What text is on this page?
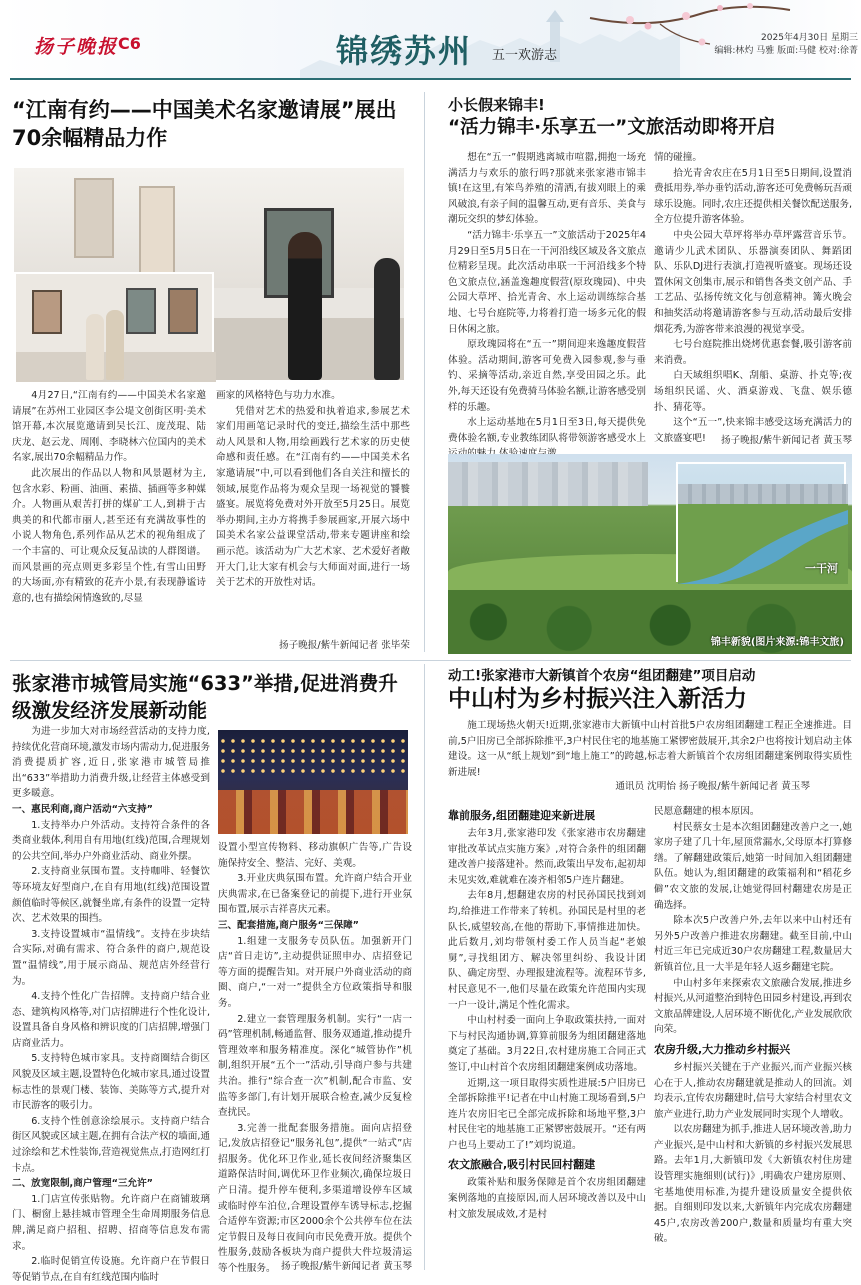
扬子晚报 C6	锦绣苏州 五一欢游志
2025年4月30日 星期三
编辑:林灼 马雅 版面:马健 校对:徐菁
“江南有约——中国美术名家邀请展”展出70余幅精品力作

4月27日,“江南有约——中国美术名家邀请展”在苏州工业园区李公堤文创街区明·美术馆开幕,本次展览邀请到吴长江、庞茂琨、陆庆龙、赵云龙、周刚、李晓林六位国内的美术名家,展出70余幅精品力作。

此次展出的作品以人物和风景题材为主,包含水彩、粉画、油画、素描、插画等多种媒介。人物画从艰苦打拼的煤矿工人,到耕于古典美的和代都市丽人,甚至还有充满故事性的小说人物角色,系列作品从艺术的视角组成了一个丰富的、可让观众反复品读的人群图谱。而风景画的亮点则更多彩呈个性,有雪山田野的大场面,亦有精致的花卉小景,有表现静谧诗意的,也有描绘闲情逸致的,尽显

画家的风格特色与功力水准。

凭借对艺术的热爱和执着追求,参展艺术家们用画笔记录时代的变迁,描绘生活中那些动人风景和人物,用绘画践行艺术家的历史使命感和责任感。在“江南有约——中国美术名家邀请展”中,可以看到他们各自关注和擅长的领域,展览作品将为观众呈现一场视觉的饕餮盛宴。展览将免费对外开放至5月25日。展览举办期间,主办方将携手参展画家,开展六场中国美术名家公益课堂活动,带来专题讲座和绘画示范。该活动为广大艺术家、艺术爱好者敞开大门,让大家有机会与大师面对面,进行一场关于艺术的开放性对话。

扬子晚报/紫牛新闻记者 张毕荣
小长假来锦丰!
“活力锦丰·乐享五一”文旅活动即将开启

想在“五一”假期逃离城市喧嚣,拥抱一场充满活力与欢乐的旅行吗?那就来张家港市锦丰镇!在这里,有笨鸟养殖的清洒,有拔刈眼上的乘风破浪,有亲子间的温馨互动,更有音乐、美食与潮玩交织的梦幻体验。

“活力锦丰·乐享五一”文旅活动于2025年4月29日至5月5日在一干河沿线区域及各文旅点位精彩呈现。此次活动串联一干河沿线多个特色文旅点位,涵盖逸趣度假营(原玫瑰园)、中央公园大草坪、拾光青舍、水上运动训练综合基地、七号台庭院等,力将着打造一场多元化的假日休闲之旅。

原玫瑰园将在“五一”期间迎来逸趣度假营体验。活动期间,游客可免费入园参观,参与垂钓、采摘等活动,亲近自然,享受田园之乐。此外,每天还设有免费骑马体验名额,让游客感受别样的乐趣。

水上运动基地在5月1日至3日,每天提供免费体验名额,专业教练团队将带领游客感受水上

情的碰撞。

拾光青舍农庄在5月1日至5日期间,设置消费抵用券,举办垂钓活动,游客还可免费畅玩吾顽球乐设施。同时,农庄还提供相关餐饮配送服务,全方位提升游客体验。

中央公园大草坪将举办草坪露营音乐节。邀请少儿武术团队、乐器演奏团队、舞蹈团队、乐队DJ进行表演,打造视听盛宴。现场还设置休闲文创集市,展示和销售各类文创产品、手工艺品、弘扬传统文化与创意精神。篝火晚会和抽奖活动将邀请游客参与互动,活动最后安排烟花秀,为游客带来浪漫的视觉享受。

七号台庭院推出烧烤优惠套餐,吸引游客前来消费。

白天域组织唱K、刮船、桌游、扑克等;夜场组织民谣、火、酒桌游戏、飞盘、娱乐德扑、猜花等。

这个“五一”,快来锦丰感受这场充满活力的文旅盛宴吧!	扬子晚报/紫牛新闻记者 黄玉琴
锦丰新貌(图片来源:锦丰文旅)
一干河
张家港市城管局实施“633”举措,促进消费升级激发经济发展新动能

为进一步加大对市场经营活动的支持力度,持续优化营商环境,激发市场内需动力,促进服务消费提质扩容,近日,张家港市城管局推出“633”举措助力消费升级,让经营主体感受到更多暖意。

一、惠民利商,商户活动“六支持”

1.支持举办户外活动。支持符合条件的各类商业载体,利用自有用地(红线)范围,合理规划的公共空间,举办户外商业活动、商业外摆。

2.支持商业氛围布置。支持咖啡、轻餐饮等环境友好型商户,在自有用地(红线)范围设置颜值临时等候区,就餐坐席,有条件的设置一定特次、艺术效果的围挡。

3.支持设置城市“温情线”。支持在步块结合实际,对确有需求、符合条件的商户,规范设置“温情线”,用于展示商品、规范店外经营行为。

4.支持个性化广告招牌。支持商户结合业态、建筑构风格等,对门店招牌进行个性化设计,设置具备自身风格和辨识度的门店招牌,增强门店商业活力。

5.支持特色城市家具。支持商圈结合街区风貌及区域主题,设置特色化城市家具,通过设置标志性的景观门楼、装饰、美陈等方式,提升对市民游客的吸引力。

6.支持个性创意涂绘展示。支持商户结合街区风貌或区域主题,在拥有合法产权的墙面,通过涂绘和艺术性装饰,营造视觉焦点,打造网红打卡点。

二、放宽限制,商户管理“三允许”

1.门店宣传张贴物。允许商户在商铺玻璃门、橱窗上悬挂城市管理全生命周期服务信息牌,满足商户招租、招聘、招商等信息发布需求。

2.临时促销宣传设施。允许商户在节假日等促销节点,在自有红线范围内临时

设置小型宣传物料、移动旗帜广告等,广告设施保持安全、整洁、完好、美观。

3.开业庆典氛围布置。允许商户结合开业庆典需求,在已备案登记的前提下,进行开业氛围布置,展示吉祥喜庆元素。

三、配套措施,商户服务“三保障”

1.组建一支服务专员队伍。加强新开门店“首日走访”,主动提供证照申办、店招登记等方面的提醒告知。对开展户外商业活动的商圈、商户,“一对一”提供全方位政策指导和服务。

2.建立一套管理服务机制。实行“一店一码”管理机制,畅通监督、服务双通道,推动提升管理效率和服务精准度。深化“城管协作”机制,组织开展“五个一”活动,引导商户参与共建共治。推行“综合查一次”机制,配合市监、安监等多部门,有计划开展联合检查,减少反复检查扰民。

3.完善一批配套服务措施。面向店招登记,发放店招登记“服务礼包”,提供“一站式”店招服务。优化环卫作业,延长夜间经济聚集区道路保洁时间,调优环卫作业频次,确保垃圾日产日清。提升停车便利,多渠道增设停车区域或临时停车泊位,合理设置停车诱导标志,挖掘合适停车资源;市区2000余个公共停车位在法定节假日及每日夜间向市民免费开放。提供个性服务,鼓励各板块为商户提供大件垃圾清运等个性服务。 扬子晚报/紫牛新闻记者 黄玉琴
动工!张家港市大新镇首个农房“组团翻建”项目启动
中山村为乡村振兴注入新活力

施工现场热火朝天!近期,张家港市大新镇中山村首批5户农房组团翻建工程正全速推进。目前,5户旧房已全部拆除推平,3户村民住宅的地基施工紧锣密鼓展开,其余2户也将按计划启动主体建设。这一从“纸上规划”到“地上施工”的跨越,标志着大新镇首个农房组团翻建案例取得实质性新进展!

通讯员 沈明怡 扬子晚报/紫牛新闻记者 黄玉琴
靠前服务,组团翻建迎来新进展

去年3月,张家港印发《张家港市农房翻建审批改革试点实施方案》,对符合条件的组团翻建改善户接落建补。然而,政策出早发布,起初却未见实效,难就难在凑齐相邻5户连片翻建。

去年8月,想翻建农房的村民孙国民找到刘均,给推进工作带来了转机。孙国民是村里的老队长,威望较高,在他的帮助下,事情推进加快。此后数月,刘均带领村委工作人员当起“老娘舅”,寻找组团方、解决邻里纠纷、我设计团队、确定房型、办理报建流程等。流程环节多,村民意见不一,他们尽量在政策允许范围内实现一户一设计,满足个性化需求。

中山村村委一面向上争取政策扶持,一面对下与村民沟通协调,算算前服务为组团翻建落地奠定了基础。3月22日,农村建房施工合同正式签订,中山村首个农房组团翻建案例成功落地。

近期,这一项目取得实质性进展:5户旧房已全部拆除推平!记者在中山村施工现场看到,5户连片农房旧宅已全部完成拆除和场地平整,3户村民住宅的地基施工正紧锣密鼓展开。“还有两户也马上要动工了!”刘均说道。

农文旅融合,吸引村民回村翻建

政策补贴和服务保障是首个农房组团翻建案例落地的直接原因,而人居环境改善以及中山村文旅发展成效,才是村

民愿意翻建的根本原因。

村民蔡女士是本次组团翻建改善户之一,她家房子建了几十年,屋顶常漏水,父母原本打算修缮。了解翻建政策后,她第一时间加入组团翻建队伍。她认为,组团翻建的政策福利和“稻花乡僻”农文旅的发展,让她觉得回村翻建农房是正确选择。

除本次5户改善户外,去年以来中山村还有另外5户改善户推进农房翻建。截至目前,中山村近三年已完成近30户农房翻建工程,数量居大新镇首位,且一大半是年轻人返乡翻建宅院。

中山村多年来探索农文旅融合发展,推进乡村振兴,从河道整治到特色田园乡村建设,再到农文旅品牌建设,人居环境不断优化,产业发展欣欣向荣。

农房升级,大力推动乡村振兴

乡村振兴关键在于产业振兴,而产业振兴核心在于人,推动农房翻建就是推动人的回流。刘均表示,宜传农房翻建时,信号大家结合村里农文旅产业进行,助力产业发展同时实现个人增收。

以农房翻建为抓手,推进人居环境改善,助力产业振兴,是中山村和大新镇的乡村振兴发展思路。去年1月,大新镇印发《大新镇农村住房建设管理实施细则(试行)》,明确农户建房原则、宅基地使用标准,为提升建设质量安全提供依据。自细则印发以来,大新镇年内完成农房翻建45户,农房改善200户,数量和质量均有重大突破。
